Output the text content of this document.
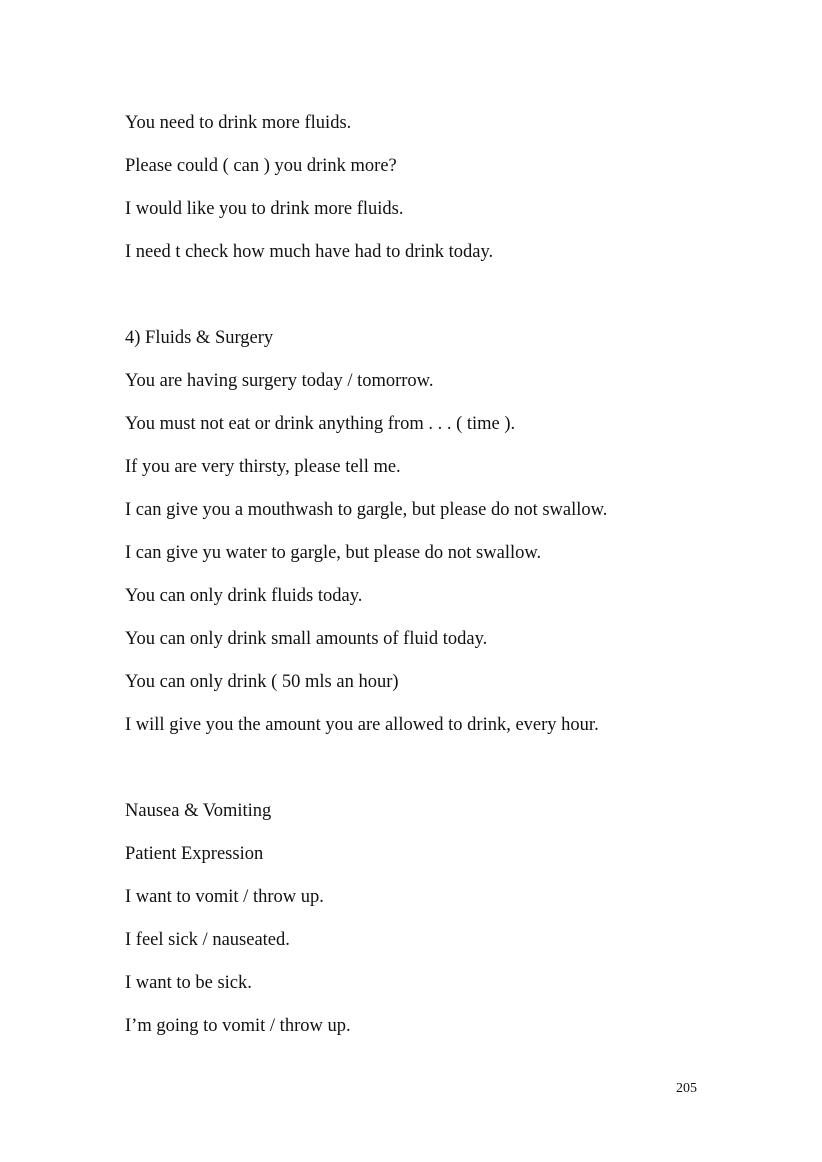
You need to drink more fluids.

Please could ( can ) you drink more?

I would like you to drink more fluids.

I need t check how much have had to drink today.

4) Fluids & Surgery

You are having surgery today / tomorrow.

You must not eat or drink anything from . . . ( time ).

If you are very thirsty, please tell me.

I can give you a mouthwash to gargle, but please do not swallow.

I can give yu water to gargle, but please do not swallow.

You can only drink fluids today.

You can only drink small amounts of fluid today.

You can only drink ( 50 mls an hour)

I will give you the amount you are allowed to drink, every hour.

Nausea & Vomiting

Patient Expression

I want to vomit / throw up.

I feel sick / nauseated.

I want to be sick.

I’m going to vomit / throw up.

205
